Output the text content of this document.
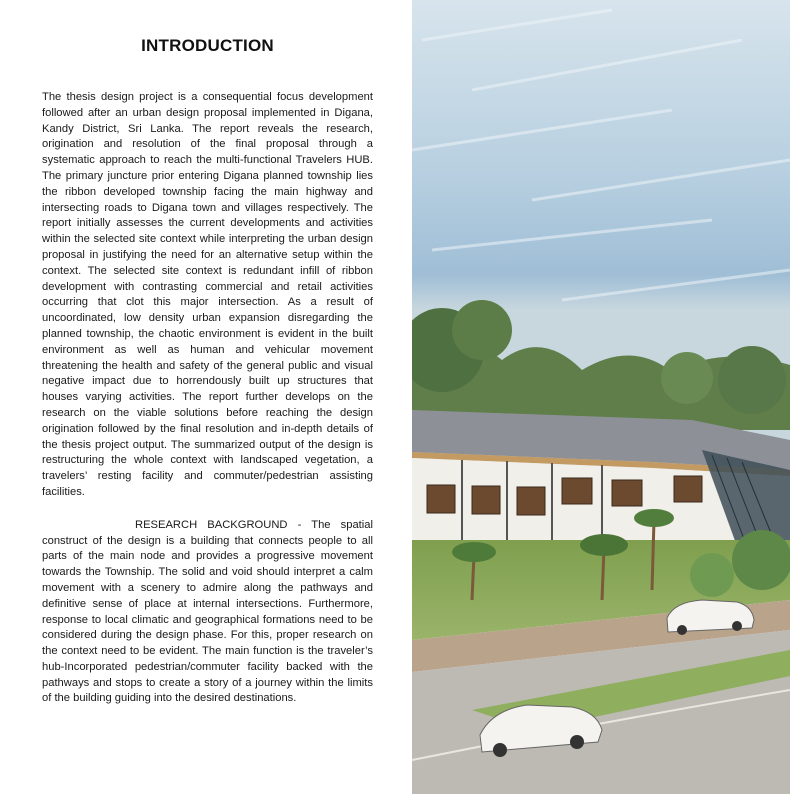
INTRODUCTION

The thesis design project is a consequential focus development followed after an urban design proposal implemented in Digana, Kandy District, Sri Lanka. The report reveals the research, origination and resolution of the final proposal through a systematic approach to reach the multi-functional Travelers HUB. The primary juncture prior entering Digana planned township lies the ribbon developed township facing the main highway and intersecting roads to Digana town and villages respectively. The report initially assesses the current developments and activities within the selected site context while interpreting the urban design proposal in justifying the need for an alternative setup within the context. The selected site context is redundant infill of ribbon development with contrasting commercial and retail activities occurring that clot this major intersection. As a result of uncoordinated, low density urban expansion disregarding the planned township, the chaotic environment is evident in the built environment as well as human and vehicular movement threatening the health and safety of the general public and visual negative impact due to horrendously built up structures that houses varying activities. The report further develops on the research on the viable solutions before reaching the design origination followed by the final resolution and in-depth details of the thesis project output. The summarized output of the design is restructuring the whole context with landscaped vegetation, a travelers’ resting facility and commuter/pedestrian assisting facilities.

RESEARCH BACKGROUND - The spatial construct of the design is a building that connects people to all parts of the main node and provides a progressive movement towards the Township. The solid and void should interpret a calm movement with a scenery to admire along the pathways and definitive sense of place at internal intersections. Furthermore, response to local climatic and geographical formations need to be considered during the design phase. For this, proper research on the context need to be evident. The main function is the traveler’s hub-Incorporated pedestrian/commuter facility backed with the pathways and stops to create a story of a journey within the limits of the building guiding into the desired destinations.
